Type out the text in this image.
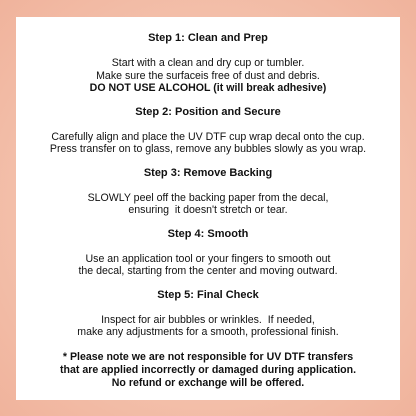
Step 1: Clean and Prep

Start with a clean and dry cup or tumbler.

Make sure the surfaceis free of dust and debris.

DO NOT USE ALCOHOL (it will break adhesive)

Step 2: Position and Secure

Carefully align and place the UV DTF cup wrap decal onto the cup.

Press transfer on to glass, remove any bubbles slowly as you wrap.

Step 3: Remove Backing

SLOWLY peel off the backing paper from the decal,

ensuring  it doesn't stretch or tear.

Step 4: Smooth

Use an application tool or your fingers to smooth out

the decal, starting from the center and moving outward.

Step 5: Final Check

Inspect for air bubbles or wrinkles.  If needed,

make any adjustments for a smooth, professional finish.

* Please note we are not responsible for UV DTF transfers

that are applied incorrectly or damaged during application.

No refund or exchange will be offered.
